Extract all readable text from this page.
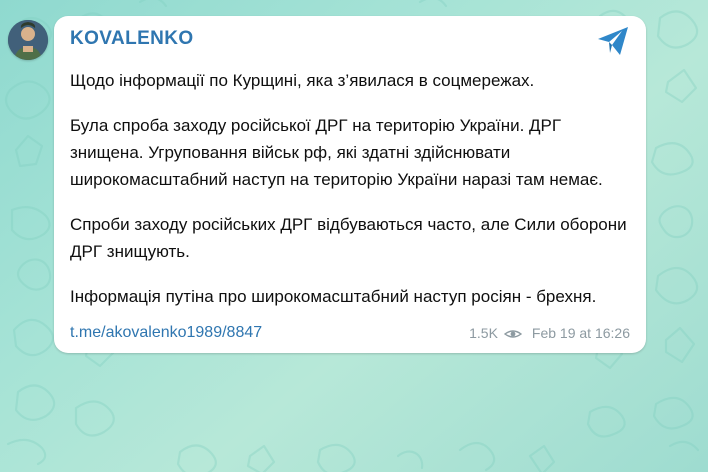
KOVALENKO

Щодо інформації по Курщині, яка з’явилася в соцмережах.

Була спроба заходу російської ДРГ на територію України. ДРГ знищена. Угруповання військ рф, які здатні здійснювати широкомасштабний наступ на територію України наразі там немає.

Спроби заходу російських ДРГ відбуваються часто, але Сили оборони ДРГ знищують.

Інформація путіна про широкомасштабний наступ росіян - брехня.

t.me/akovalenko1989/8847	1.5K Feb 19 at 16:26
